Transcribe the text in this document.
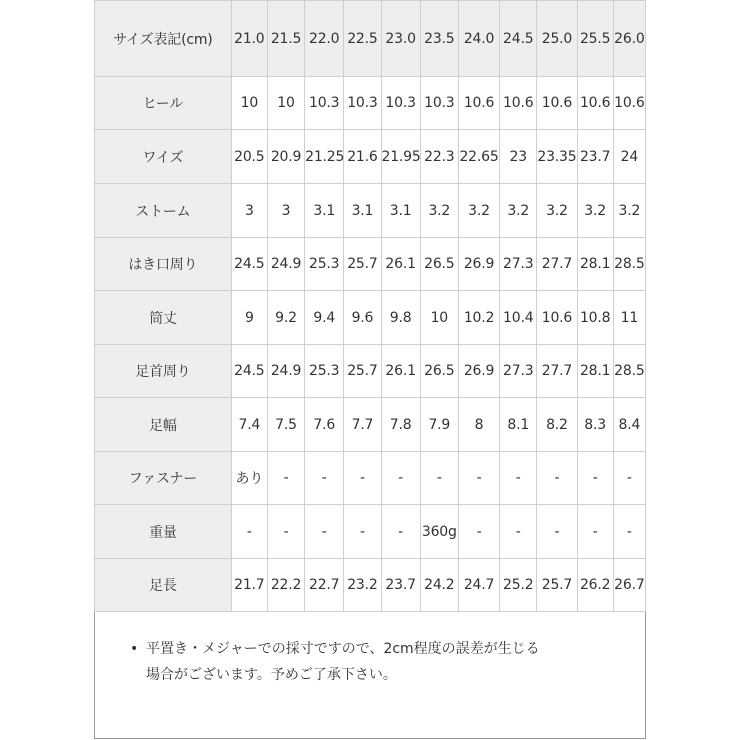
サイズ表記(cm)	21.0	21.5	22.0	22.5	23.0	23.5	24.0	24.5	25.0	25.5	26.0
ヒール	10	10	10.3	10.3	10.3	10.3	10.6	10.6	10.6	10.6	10.6
ワイズ	20.5	20.9	21.25	21.6	21.95	22.3	22.65	23	23.35	23.7	24
ストーム	3	3	3.1	3.1	3.1	3.2	3.2	3.2	3.2	3.2	3.2
はき口周り	24.5	24.9	25.3	25.7	26.1	26.5	26.9	27.3	27.7	28.1	28.5
筒丈	9	9.2	9.4	9.6	9.8	10	10.2	10.4	10.6	10.8	11
足首周り	24.5	24.9	25.3	25.7	26.1	26.5	26.9	27.3	27.7	28.1	28.5
足幅	7.4	7.5	7.6	7.7	7.8	7.9	8	8.1	8.2	8.3	8.4
ファスナー	あり	-	-	-	-	-	-	-	-	-	-
重量	-	-	-	-	-	360g	-	-	-	-	-
足長	21.7	22.2	22.7	23.2	23.7	24.2	24.7	25.2	25.7	26.2	26.7
• 平置き・メジャーでの採寸ですので、2cm程度の誤差が生じる
場合がございます。予めご了承下さい。
